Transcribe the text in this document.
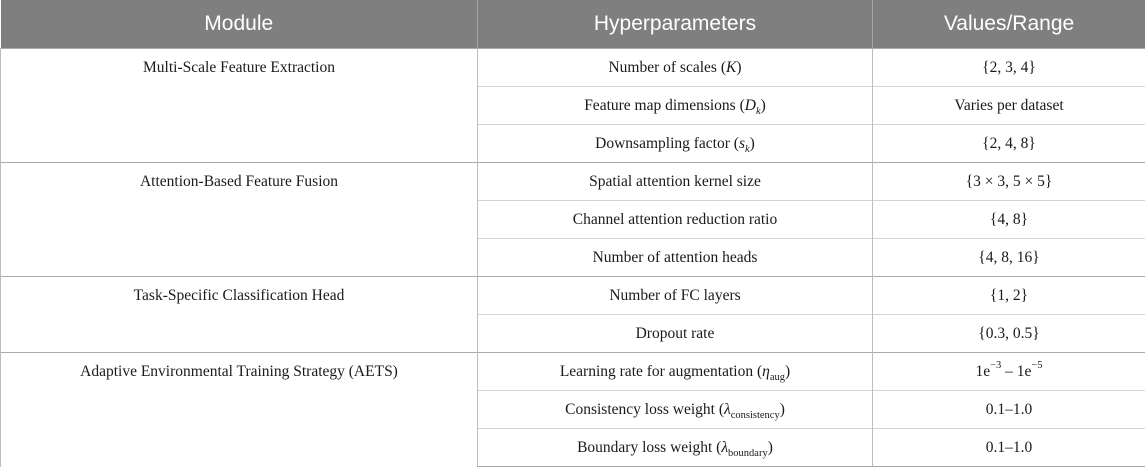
Module	Hyperparameters	Values/Range
Multi-Scale Feature Extraction	Number of scales (K)	{2, 3, 4}
	Feature map dimensions $(D_k)$	Varies per dataset
	Downsampling factor $(s_k)$	{2, 4, 8}
Attention-Based Feature Fusion	Spatial attention kernel size	{3 × 3, 5 × 5}
	Channel attention reduction ratio	{4, 8}
	Number of attention heads	{4, 8, 16}
Task-Specific Classification Head	Number of FC layers	{1, 2}
	Dropout rate	{0.3, 0.5}
Adaptive Environmental Training Strategy (AETS)	Learning rate for augmentation $(\eta_{aug})$	$1e^{-3} - 1e^{-5}$
	Consistency loss weight $(\lambda_{consistency})$	0.1–1.0
	Boundary loss weight $(\lambda_{boundary})$	0.1–1.0
